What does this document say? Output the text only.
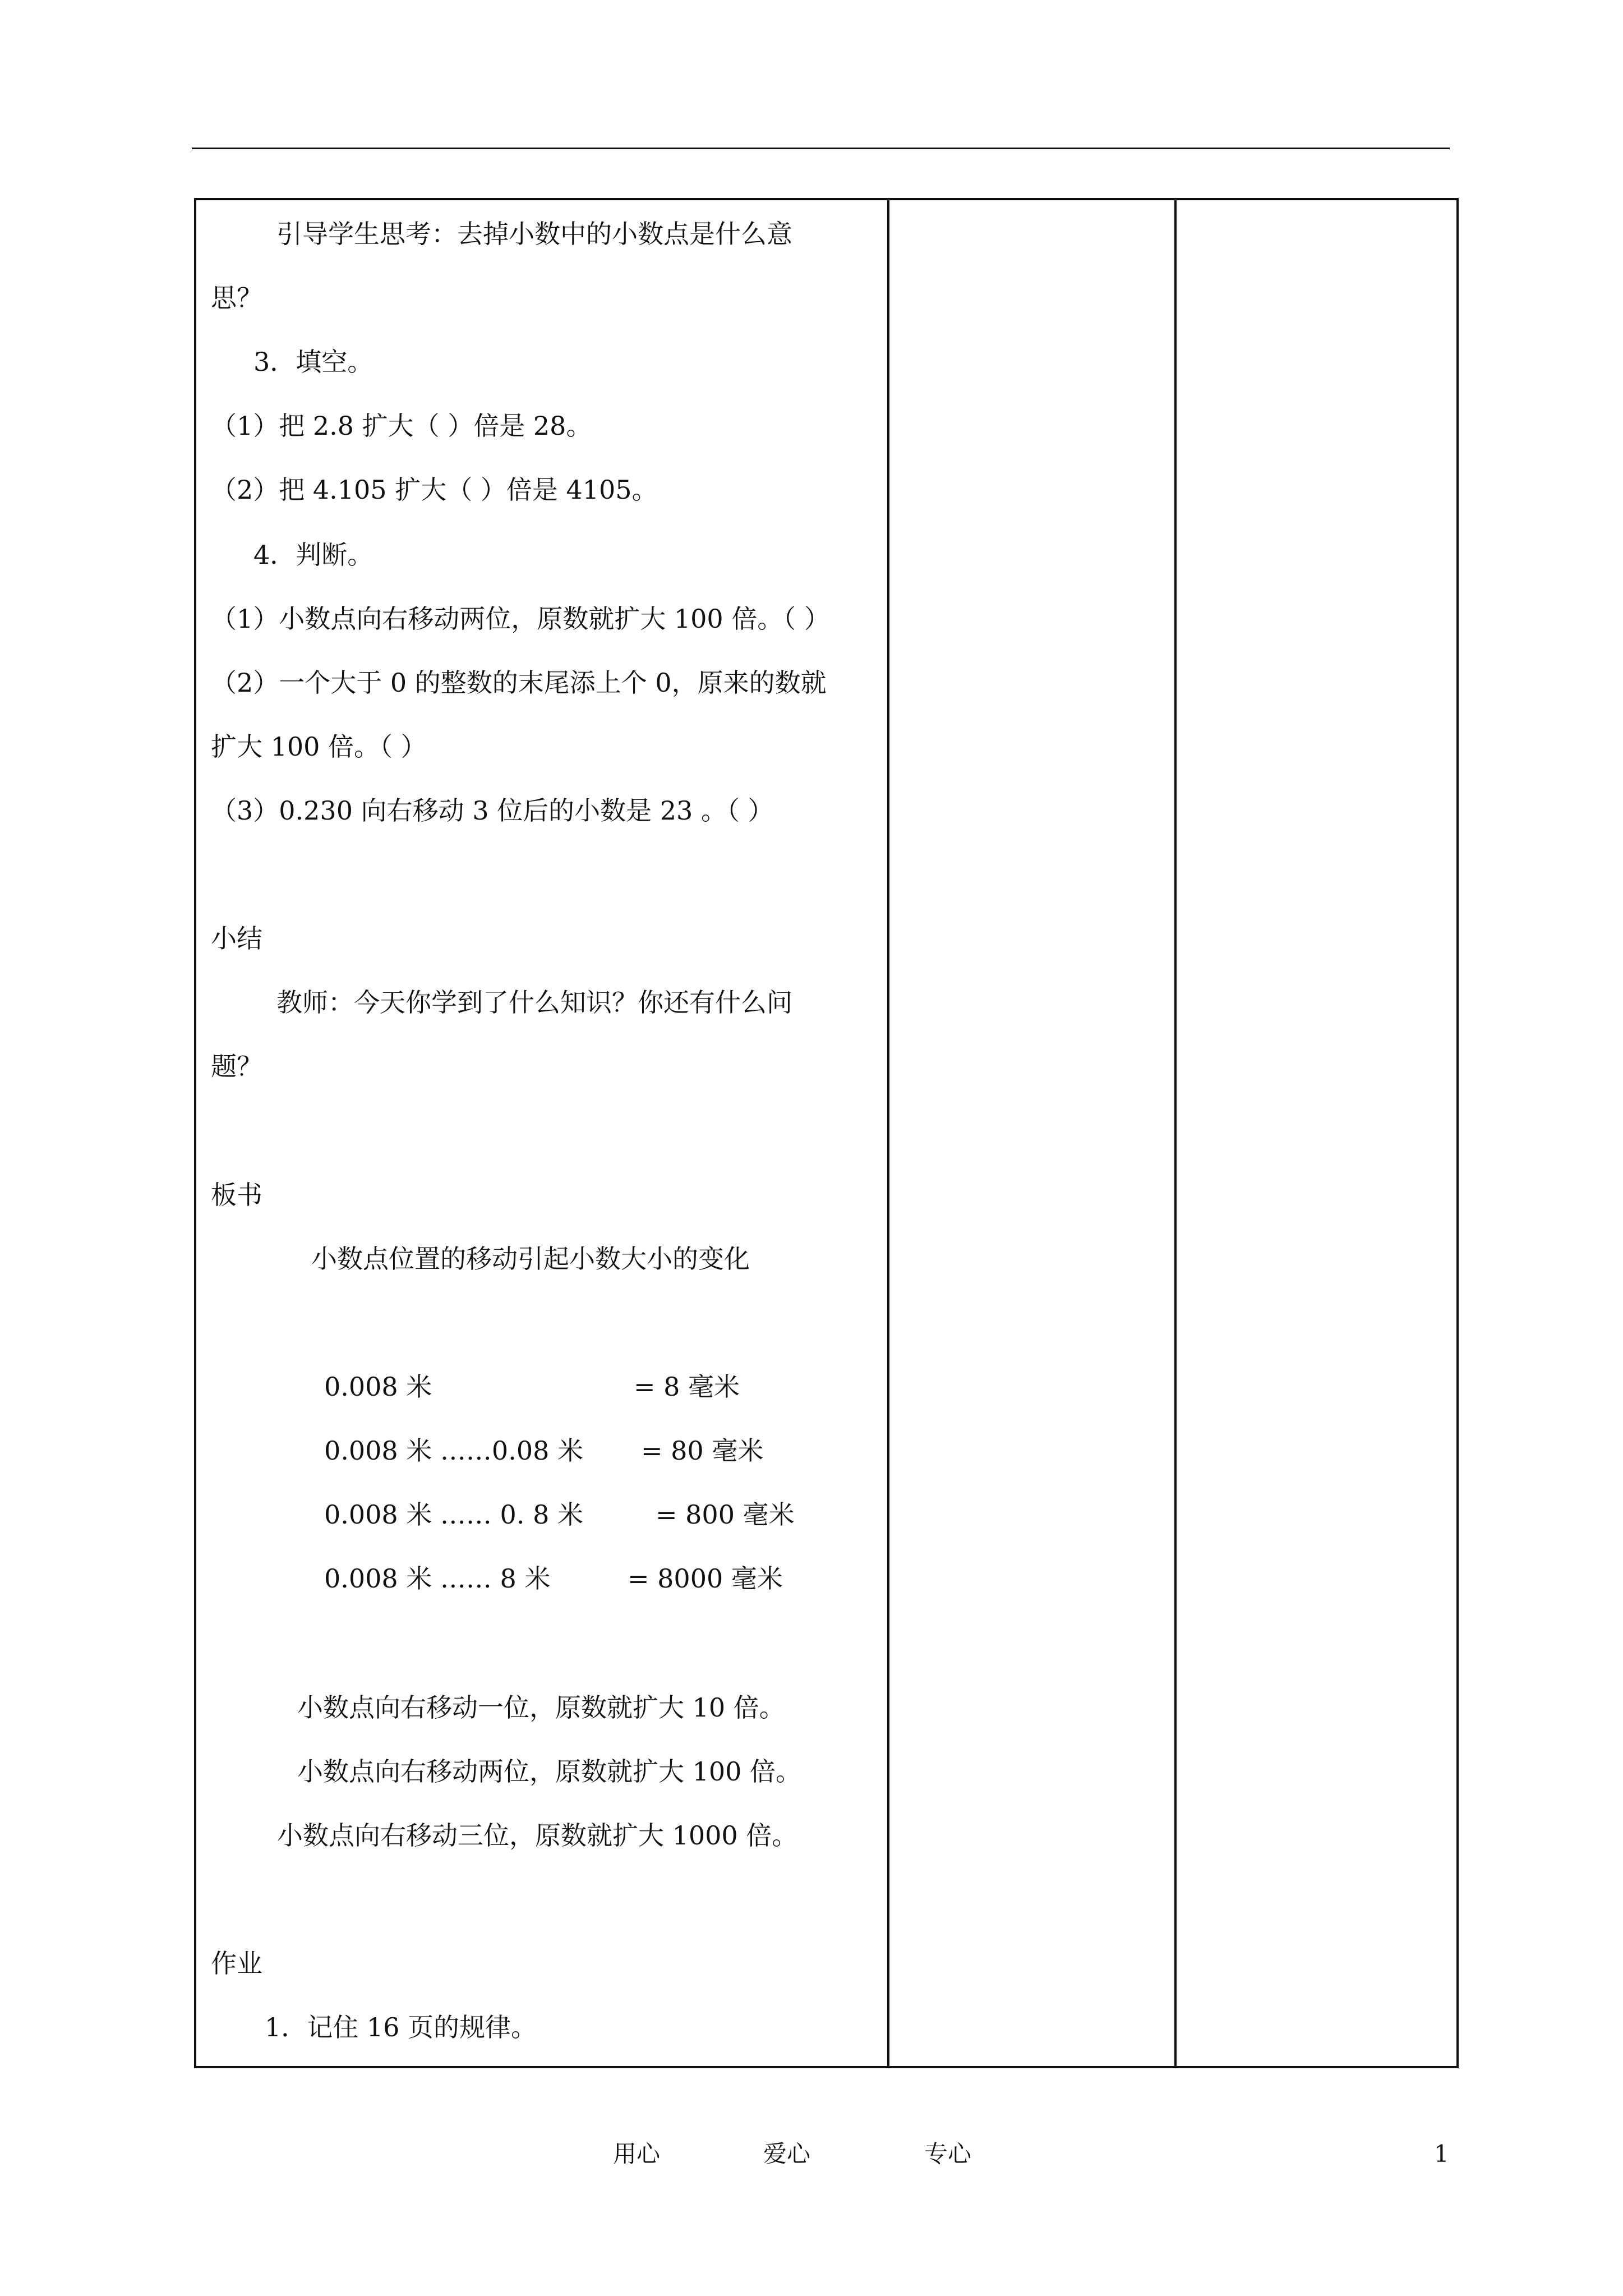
引导学生思考：去掉小数中的小数点是什么意
思？
3．填空。
（1）把 2.8 扩大（ ）倍是 28。
（2）把 4.105 扩大（ ）倍是 4105。
4．判断。
（1）小数点向右移动两位，原数就扩大 100 倍。（ ）
（2）一个大于 0 的整数的末尾添上个 0，原来的数就
扩大 100 倍。（ ）
（3）0.230 向右移动 3 位后的小数是 23 。（ ）
小结
教师：今天你学到了什么知识？你还有什么问
题？
板书
小数点位置的移动引起小数大小的变化
0.008 米	= 8 毫米
0.008 米 ……0.08 米 = 80 毫米
0.008 米 …… 0. 8 米	= 800 毫米
0.008 米 …… 8 米	= 8000 毫米
小数点向右移动一位，原数就扩大 10 倍。
小数点向右移动两位，原数就扩大 100 倍。
小数点向右移动三位，原数就扩大 1000 倍。
作业
1．记住 16 页的规律。
用心	爱心	专心	1
